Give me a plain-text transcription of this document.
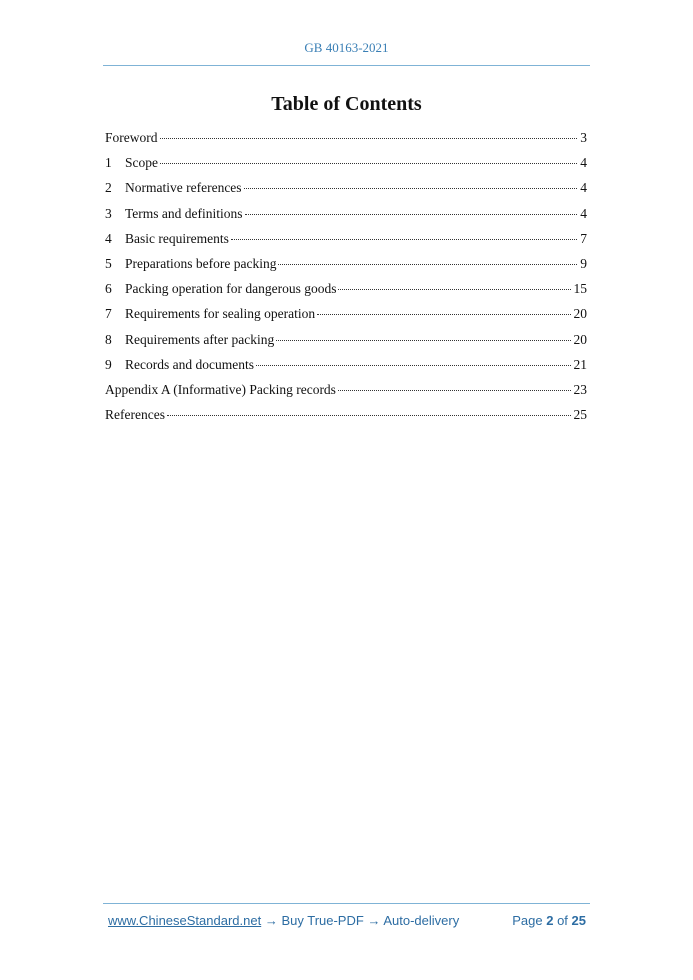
GB 40163-2021
Table of Contents
Foreword	3
1 Scope	4
2 Normative references	4
3 Terms and definitions	4
4 Basic requirements	7
5 Preparations before packing	9
6 Packing operation for dangerous goods	15
7 Requirements for sealing operation	20
8 Requirements after packing	20
9 Records and documents	21
Appendix A (Informative) Packing records	23
References	25
www.ChineseStandard.net → Buy True-PDF → Auto-delivery	Page 2 of 25
